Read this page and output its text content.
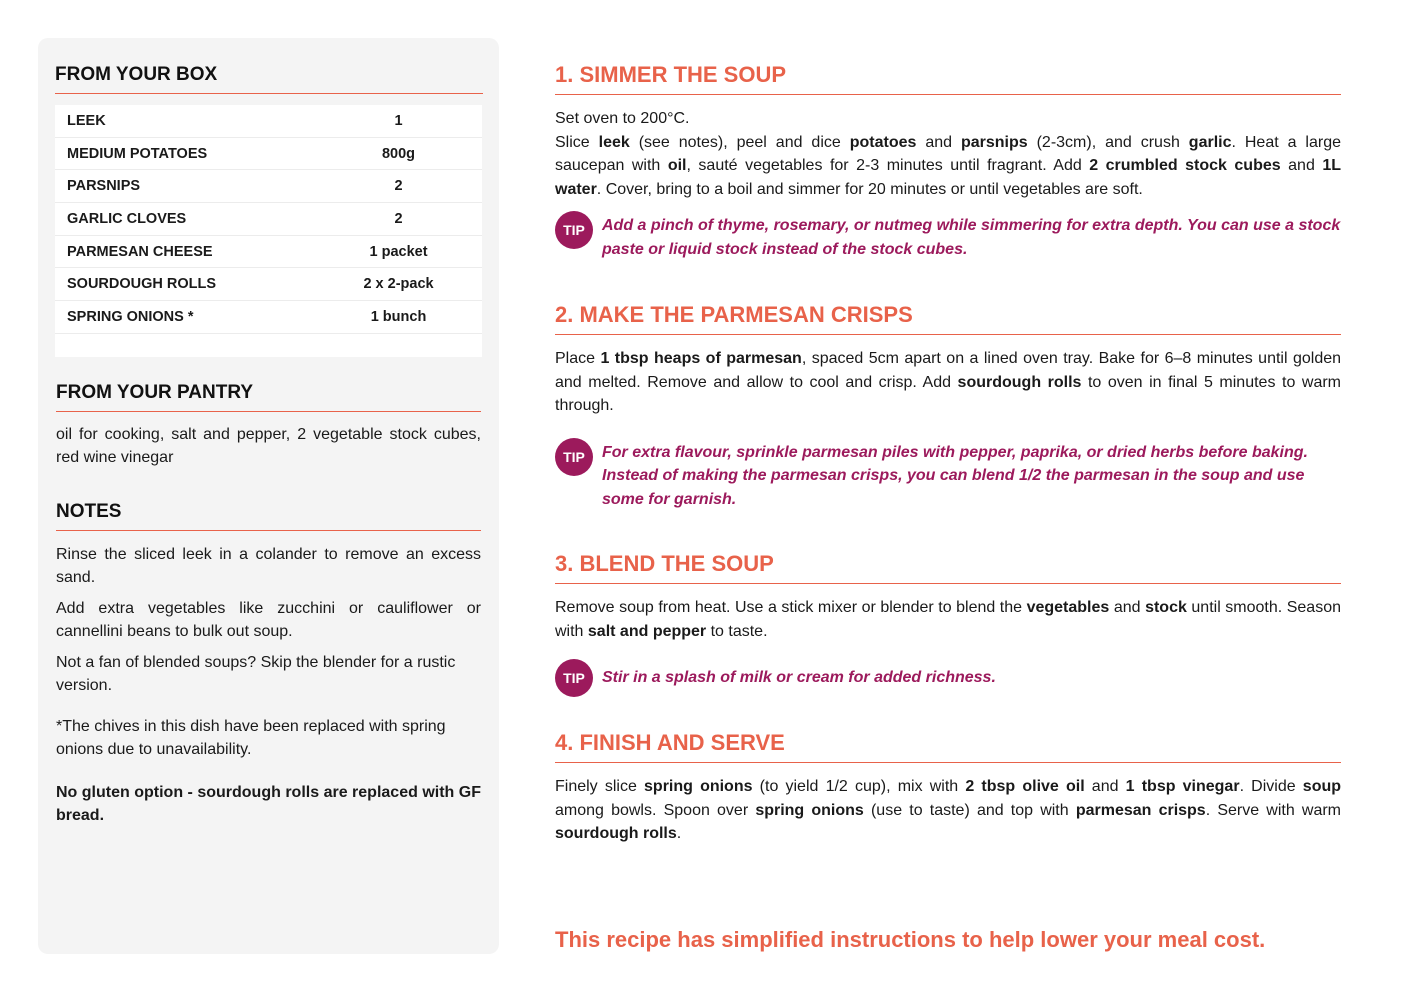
FROM YOUR BOX
LEEK	1
MEDIUM POTATOES	800g
PARSNIPS	2
GARLIC CLOVES	2
PARMESAN CHEESE	1 packet
SOURDOUGH ROLLS	2 x 2-pack
SPRING ONIONS *	1 bunch
FROM YOUR PANTRY
oil for cooking, salt and pepper, 2 vegetable stock cubes, red wine vinegar
NOTES

Rinse the sliced leek in a colander to remove an excess sand.

Add extra vegetables like zucchini or cauliflower or cannellini beans to bulk out soup.

Not a fan of blended soups? Skip the blender for a rustic version.

*The chives in this dish have been replaced with spring onions due to unavailability.

No gluten option - sourdough rolls are replaced with GF bread.

1. SIMMER THE SOUP
Set oven to 200°C.
Slice leek (see notes), peel and dice potatoes and parsnips (2-3cm), and crush garlic. Heat a large saucepan with oil, sauté vegetables for 2-3 minutes until fragrant. Add 2 crumbled stock cubes and 1L water. Cover, bring to a boil and simmer for 20 minutes or until vegetables are soft.
TIP	Add a pinch of thyme, rosemary, or nutmeg while simmering for extra depth. You can use a stock paste or liquid stock instead of the stock cubes.
2. MAKE THE PARMESAN CRISPS
Place 1 tbsp heaps of parmesan, spaced 5cm apart on a lined oven tray. Bake for 6–8 minutes until golden and melted. Remove and allow to cool and crisp. Add sourdough rolls to oven in final 5 minutes to warm through.
TIP	For extra flavour, sprinkle parmesan piles with pepper, paprika, or dried herbs before baking. Instead of making the parmesan crisps, you can blend 1/2 the parmesan in the soup and use some for garnish.
3. BLEND THE SOUP
Remove soup from heat. Use a stick mixer or blender to blend the vegetables and stock until smooth. Season with salt and pepper to taste.
TIP	Stir in a splash of milk or cream for added richness.
4. FINISH AND SERVE
Finely slice spring onions (to yield 1/2 cup), mix with 2 tbsp olive oil and 1 tbsp vinegar. Divide soup among bowls. Spoon over spring onions (use to taste) and top with parmesan crisps. Serve with warm sourdough rolls.
This recipe has simplified instructions to help lower your meal cost.
